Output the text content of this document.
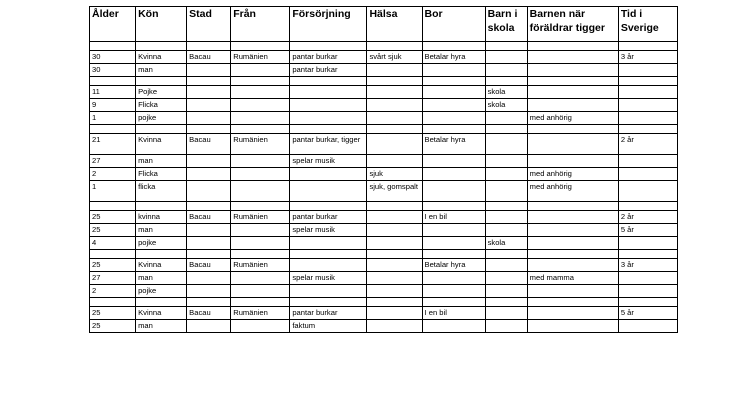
Ålder	Kön	Stad	Från	Försörjning	Hälsa	Bor	Barn i skola	Barnen när föräldrar tigger	Tid i Sverige

30	Kvinna	Bacau	Rumänien	pantar burkar	svårt sjuk	Betalar hyra			3 år
30	man			pantar burkar					

11	Pojke						skola		
9	Flicka						skola		
1	pojke							med anhörig	

21	Kvinna	Bacau	Rumänien	pantar burkar, tigger		Betalar hyra			2 år
27	man			spelar musik					
2	Flicka				sjuk			med anhörig	
1	flicka				sjuk, gomspalt			med anhörig	

25	kvinna	Bacau	Rumänien	pantar burkar		I en bil			2 år
25	man			spelar musik					5 år
4	pojke						skola		

25	Kvinna	Bacau	Rumänien			Betalar hyra			3 år
27	man			spelar musik				med mamma	
2	pojke								

25	Kvinna	Bacau	Rumänien	pantar burkar		I en bil			5 år
25	man			faktum					
